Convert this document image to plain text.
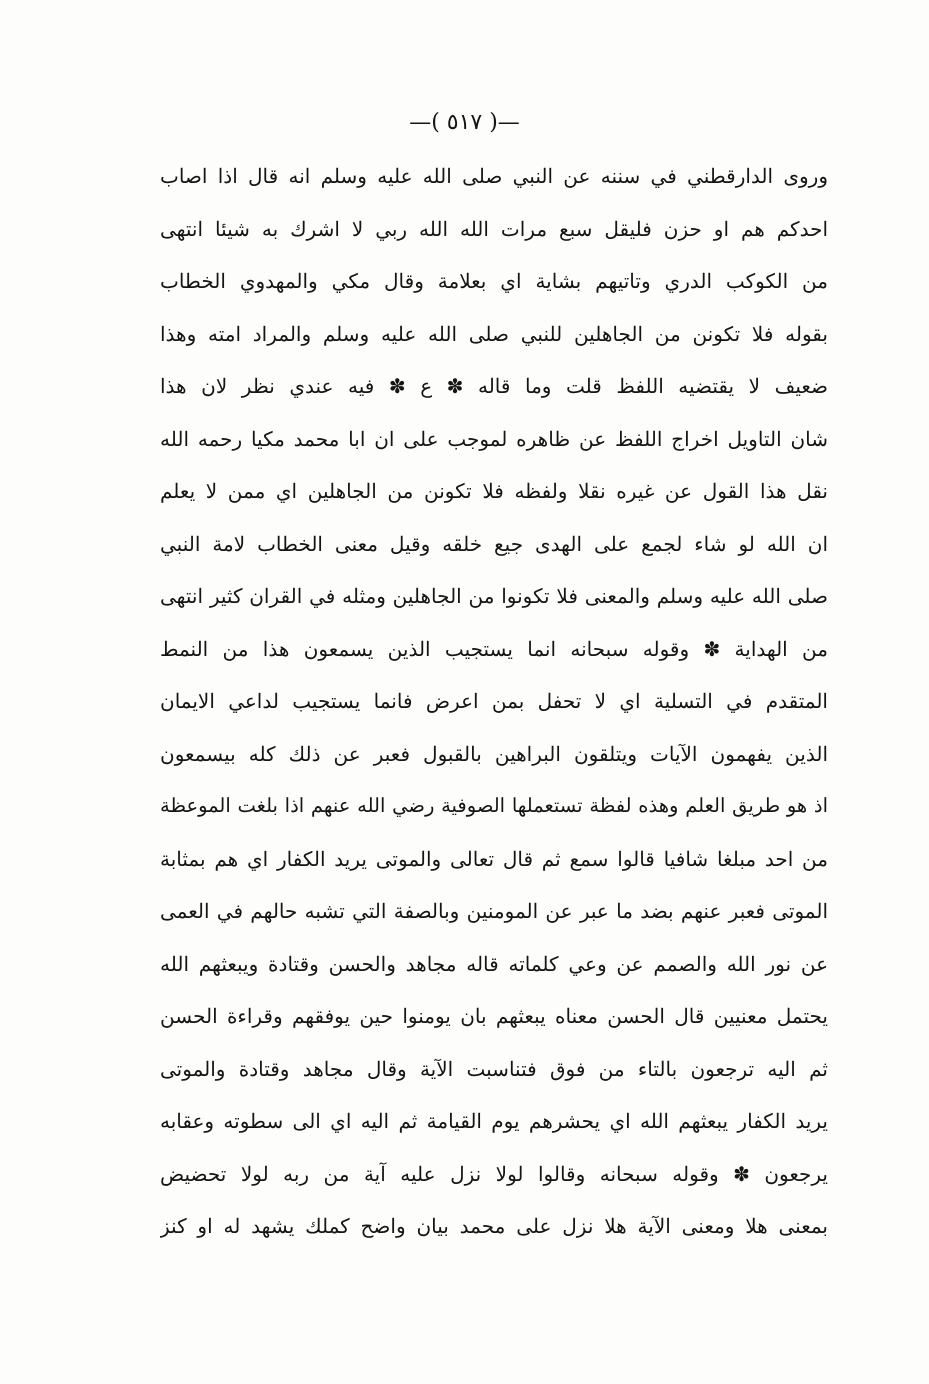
—( ٥١٧ )—
وروى الدارقطني في سننه عن النبي صلى الله عليه وسلم انه قال اذا اصاب
احدكم هم او حزن فليقل سبع مرات الله الله ربي لا اشرك به شيئا انتهى
من الكوكب الدري وتاتيهم بشاية اي بعلامة وقال مكي والمهدوي الخطاب
بقوله فلا تكونن من الجاهلين للنبي صلى الله عليه وسلم والمراد امته وهذا
ضعيف لا يقتضيه اللفظ قلت وما قاله ✽ ع ✽ فيه عندي نظر لان هذا
شان التاويل اخراج اللفظ عن ظاهره لموجب على ان ابا محمد مكيا رحمه الله
نقل هذا القول عن غيره نقلا ولفظه فلا تكونن من الجاهلين اي ممن لا يعلم
ان الله لو شاء لجمع على الهدى جيع خلقه وقيل معنى الخطاب لامة النبي
صلى الله عليه وسلم والمعنى فلا تكونوا من الجاهلين ومثله في القران كثير انتهى
من الهداية ✽ وقوله سبحانه انما يستجيب الذين يسمعون هذا من النمط
المتقدم في التسلية اي لا تحفل بمن اعرض فانما يستجيب لداعي الايمان
الذين يفهمون الآيات ويتلقون البراهين بالقبول فعبر عن ذلك كله بيسمعون
اذ هو طريق العلم وهذه لفظة تستعملها الصوفية رضي الله عنهم اذا بلغت الموعظة
من احد مبلغا شافيا قالوا سمع ثم قال تعالى والموتى يريد الكفار اي هم بمثابة
الموتى فعبر عنهم بضد ما عبر عن المومنين وبالصفة التي تشبه حالهم في العمى
عن نور الله والصمم عن وعي كلماته قاله مجاهد والحسن وقتادة ويبعثهم الله
يحتمل معنيين قال الحسن معناه يبعثهم بان يومنوا حين يوفقهم وقراءة الحسن
ثم اليه ترجعون بالتاء من فوق فتناسبت الآية وقال مجاهد وقتادة والموتى
يريد الكفار يبعثهم الله اي يحشرهم يوم القيامة ثم اليه اي الى سطوته وعقابه
يرجعون ✽ وقوله سبحانه وقالوا لولا نزل عليه آية من ربه لولا تحضيض
بمعنى هلا ومعنى الآية هلا نزل على محمد بيان واضح كملك يشهد له او كنز
